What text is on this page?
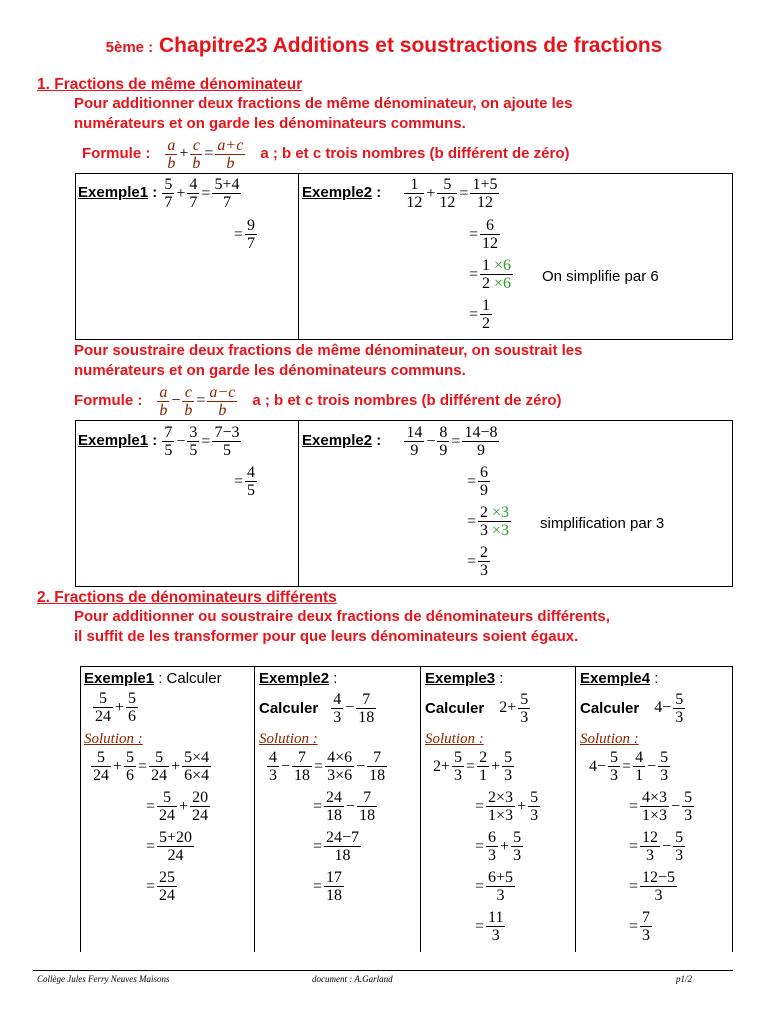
5ème : Chapitre23 Additions et soustractions de fractions
1. Fractions de même dénominateur
Pour additionner deux fractions de même dénominateur, on ajoute les
numérateurs et on garde les dénominateurs communs.
Formule : $\frac{a}{b} + \frac{c}{b} = \frac{a+c}{b}$ a ; b et c trois nombres (b différent de zéro)
Exemple1 : $\frac{5}{7} + \frac{4}{7} = \frac{5+4}{7}$
= $\frac{9}{7}$
Exemple2 : $\frac{1}{12} + \frac{5}{12} = \frac{1+5}{12}$
= $\frac{6}{12}$
= $\frac{1 \times 6}{2 \times 6}$ On simplifie par 6
= $\frac{1}{2}$
Pour soustraire deux fractions de même dénominateur, on soustrait les
numérateurs et on garde les dénominateurs communs.
Formule : $\frac{a}{b} - \frac{c}{b} = \frac{a-c}{b}$ a ; b et c trois nombres (b différent de zéro)
Exemple1 : $\frac{7}{5} - \frac{3}{5} = \frac{7-3}{5}$
= $\frac{4}{5}$
Exemple2 : $\frac{14}{9} - \frac{8}{9} = \frac{14-8}{9}$
= $\frac{6}{9}$
= $\frac{2 \times 3}{3 \times 3}$ simplification par 3
= $\frac{2}{3}$
2. Fractions de dénominateurs différents
Pour additionner ou soustraire deux fractions de dénominateurs différents,
il suffit de les transformer pour que leurs dénominateurs soient égaux.
Exemple1 : Calculer
$\frac{5}{24} + \frac{5}{6}$
Solution :
$\frac{5}{24} + \frac{5}{6} = \frac{5}{24} + \frac{5\times 4}{6\times 4}$
= $\frac{5}{24} + \frac{20}{24}$
= $\frac{5+20}{24}$
= $\frac{25}{24}$
Exemple2 :
Calculer $\frac{4}{3} - \frac{7}{18}$
Solution :
$\frac{4}{3} - \frac{7}{18} = \frac{4\times 6}{3\times 6} - \frac{7}{18}$
= $\frac{24}{18} - \frac{7}{18}$
= $\frac{24-7}{18}$
= $\frac{17}{18}$
Exemple3 :
Calculer $2+ \frac{5}{3}$
Solution :
$2+ \frac{5}{3} = \frac{2}{1} + \frac{5}{3}$
= $\frac{2\times 3}{1\times 3} + \frac{5}{3}$
= $\frac{6}{3} + \frac{5}{3}$
= $\frac{6+5}{3}$
= $\frac{11}{3}$
Exemple4 :
Calculer $4- \frac{5}{3}$
Solution :
$4- \frac{5}{3} = \frac{4}{1} - \frac{5}{3}$
= $\frac{4\times 3}{1\times 3} - \frac{5}{3}$
= $\frac{12}{3} - \frac{5}{3}$
= $\frac{12-5}{3}$
= $\frac{7}{3}$
Collège Jules Ferry Neuves Maisons	document : A.Garland	p1/2
